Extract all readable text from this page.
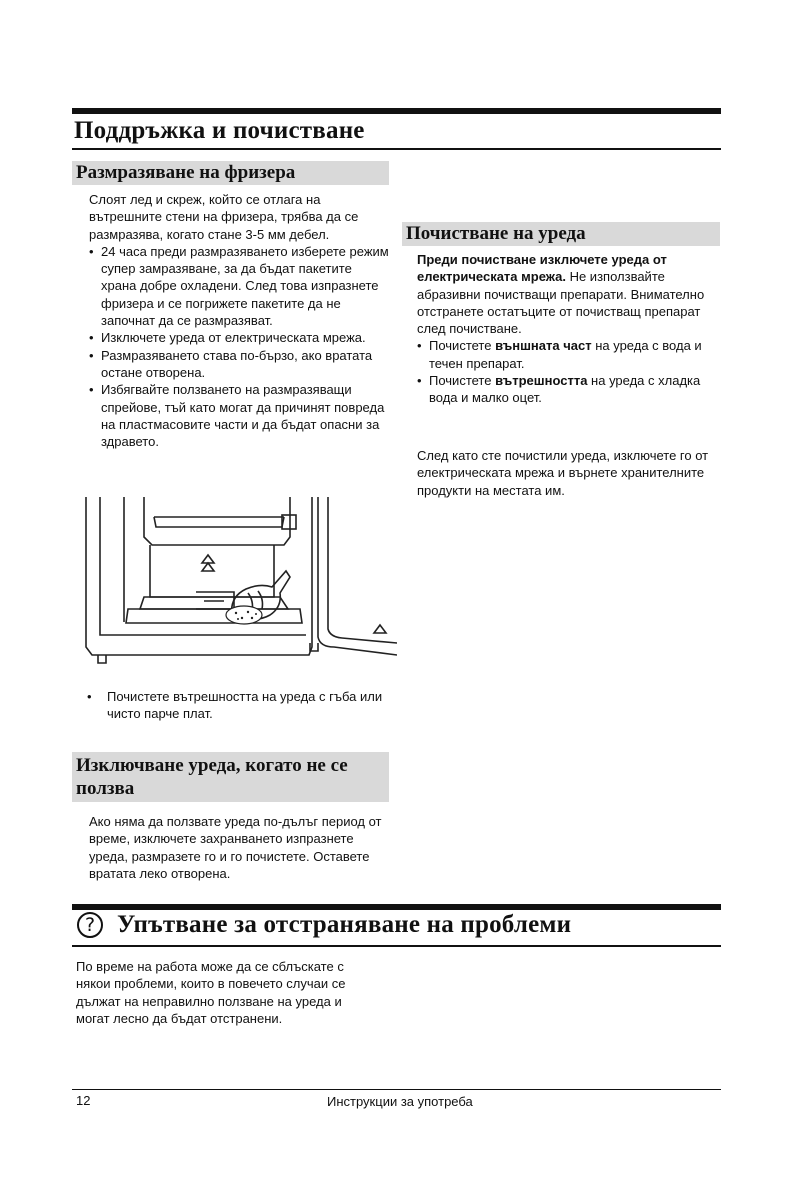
Поддръжка и почистване
Размразяване на фризера

Слоят лед и скреж, който се отлага на вътрешните стени на фризера, трябва да се размразява, когато стане 3-5 мм дебел.

• 24 часа преди размразяването изберете режим супер замразяване, за да бъдат пакетите храна добре охладени. След това изпразнете фризера и се погрижете пакетите да не започнат да се размразяват.
• Изключете уреда от електрическата мрежа.
• Размразяването става по-бързо, ако вратата остане отворена.
• Избягвайте ползването на размразяващи спрейове, тъй като могат да причинят повреда на пластмасовите части и да бъдат опасни за здравето.
•	Почистете вътрешността на уреда с гъба или чисто парче плат.
Изключване уреда, когато не се ползва

Ако няма да ползвате уреда по-дълъг период от време, изключете захранването изпразнете уреда, размразете го и го почистете. Оставете вратата леко отворена.

Почистване на уреда

Преди почистване изключете уреда от електрическата мрежа. Не използвайте абразивни почистващи препарати. Внимателно отстранете остатъците от почистващ препарат след почистване.

• Почистете външната част на уреда с вода и течен препарат.
• Почистете вътрешността на уреда с хладка вода и малко оцет.

След като сте почистили уреда, изключете го от електрическата мрежа и върнете хранителните продукти на местата им.

? Упътване за отстраняване на проблеми

По време на работа може да се сблъскате с някои проблеми, които в повечето случаи се дължат на неправилно ползване на уреда и могат лесно да бъдат отстранени.

12	Инструкции за употреба
